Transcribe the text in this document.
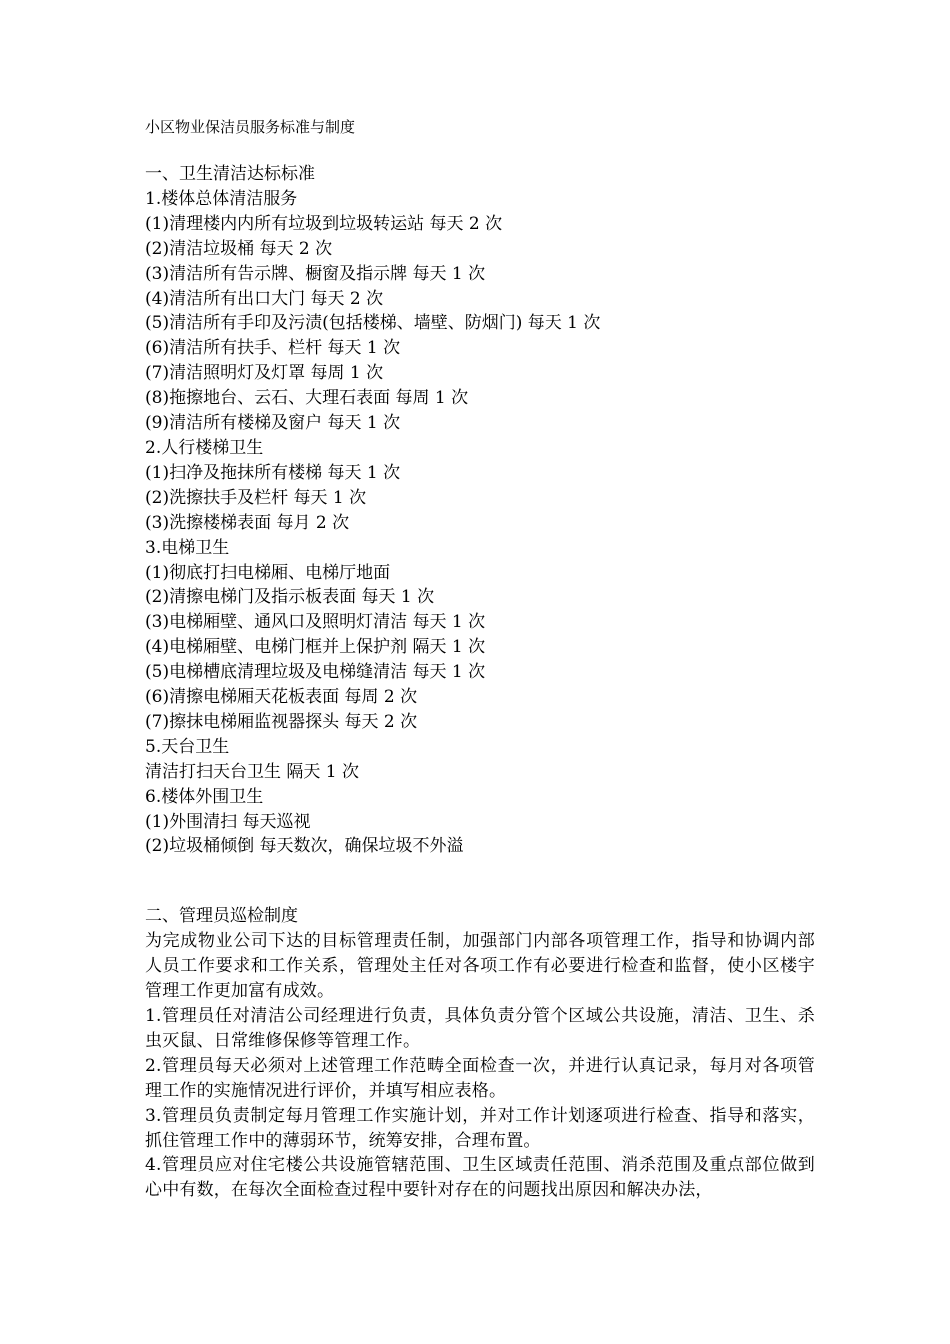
小区物业保洁员服务标准与制度
一、卫生清洁达标标准
1.楼体总体清洁服务
(1)清理楼内内所有垃圾到垃圾转运站 每天 2 次
(2)清洁垃圾桶 每天 2 次
(3)清洁所有告示牌、橱窗及指示牌 每天 1 次
(4)清洁所有出口大门 每天 2 次
(5)清洁所有手印及污渍(包括楼梯、墙壁、防烟门) 每天 1 次
(6)清洁所有扶手、栏杆 每天 1 次
(7)清洁照明灯及灯罩 每周 1 次
(8)拖擦地台、云石、大理石表面 每周 1 次
(9)清洁所有楼梯及窗户 每天 1 次
2.人行楼梯卫生
(1)扫净及拖抹所有楼梯 每天 1 次
(2)洗擦扶手及栏杆 每天 1 次
(3)洗擦楼梯表面 每月 2 次
3.电梯卫生
(1)彻底打扫电梯厢、电梯厅地面
(2)清擦电梯门及指示板表面 每天 1 次
(3)电梯厢壁、通风口及照明灯清洁 每天 1 次
(4)电梯厢壁、电梯门框并上保护剂 隔天 1 次
(5)电梯槽底清理垃圾及电梯缝清洁 每天 1 次
(6)清擦电梯厢天花板表面 每周 2 次
(7)擦抹电梯厢监视器探头 每天 2 次
5.天台卫生
清洁打扫天台卫生 隔天 1 次
6.楼体外围卫生
(1)外围清扫 每天巡视
(2)垃圾桶倾倒 每天数次，确保垃圾不外溢
二、管理员巡检制度
为完成物业公司下达的目标管理责任制，加强部门内部各项管理工作，指导和协调内部人员工作要求和工作关系，管理处主任对各项工作有必要进行检查和监督，使小区楼宇管理工作更加富有成效。
1.管理员任对清洁公司经理进行负责，具体负责分管个区域公共设施，清洁、卫生、杀虫灭鼠、日常维修保修等管理工作。
2.管理员每天必须对上述管理工作范畴全面检查一次，并进行认真记录，每月对各项管理工作的实施情况进行评价，并填写相应表格。
3.管理员负责制定每月管理工作实施计划，并对工作计划逐项进行检查、指导和落实，抓住管理工作中的薄弱环节，统筹安排，合理布置。
4.管理员应对住宅楼公共设施管辖范围、卫生区域责任范围、消杀范围及重点部位做到心中有数，在每次全面检查过程中要针对存在的问题找出原因和解决办法，
